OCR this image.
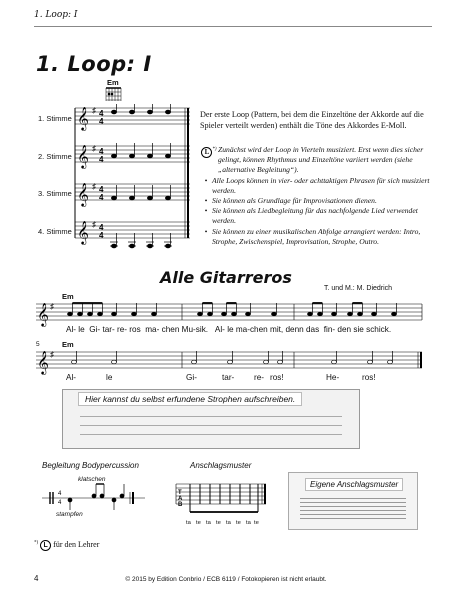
1. Loop: I
1. Loop: I
Em
1. Stimme
2. Stimme
3. Stimme
4. Stimme
𝄞
𝄞
𝄞
𝄞
♯
♯
♯
♯
4
4
4
4
4
4
4
4
Der erste Loop (Pattern, bei dem die Einzeltöne der Akkorde auf die Spieler verteilt werden) enthält die Töne des Akkordes E-Moll.
L *) Zunächst wird der Loop in Vierteln musiziert. Erst wenn dies sicher gelingt, können Rhythmus und Einzeltöne variiert werden (siehe „alternative Begleitung“).
• Alle Loops können in vier- oder achttaktigen Phrasen für sich musiziert werden.
• Sie können als Grundlage für Improvisationen dienen.
• Sie können als Liedbegleitung für das nachfolgende Lied verwendet werden.
• Sie können zu einer musikalischen Abfolge arrangiert werden: Intro, Strophe, Zwischenspiel, Improvisation, Strophe, Outro.
Alle Gitarreros
T. und M.: M. Diedrich
Em
𝄞 ♯
Al- le Gi- tar- re- ros ma- chen Mu-sik. Al- le ma-chen mit, denn das fin- den sie schick.
5	Em
𝄞 ♯
Al-	le	Gi-	tar- re- ros!	He-	ros!
Hier kannst du selbst erfundene Strophen aufschreiben.
Begleitung Bodypercussion
4
4
klatschen
stampfen
Anschlagsmuster
T
A
B
ta te ta te ta te ta te
Eigene Anschlagsmuster
*) L für den Lehrer
4	© 2015 by Edition Conbrio / ECB 6119 / Fotokopieren ist nicht erlaubt.
